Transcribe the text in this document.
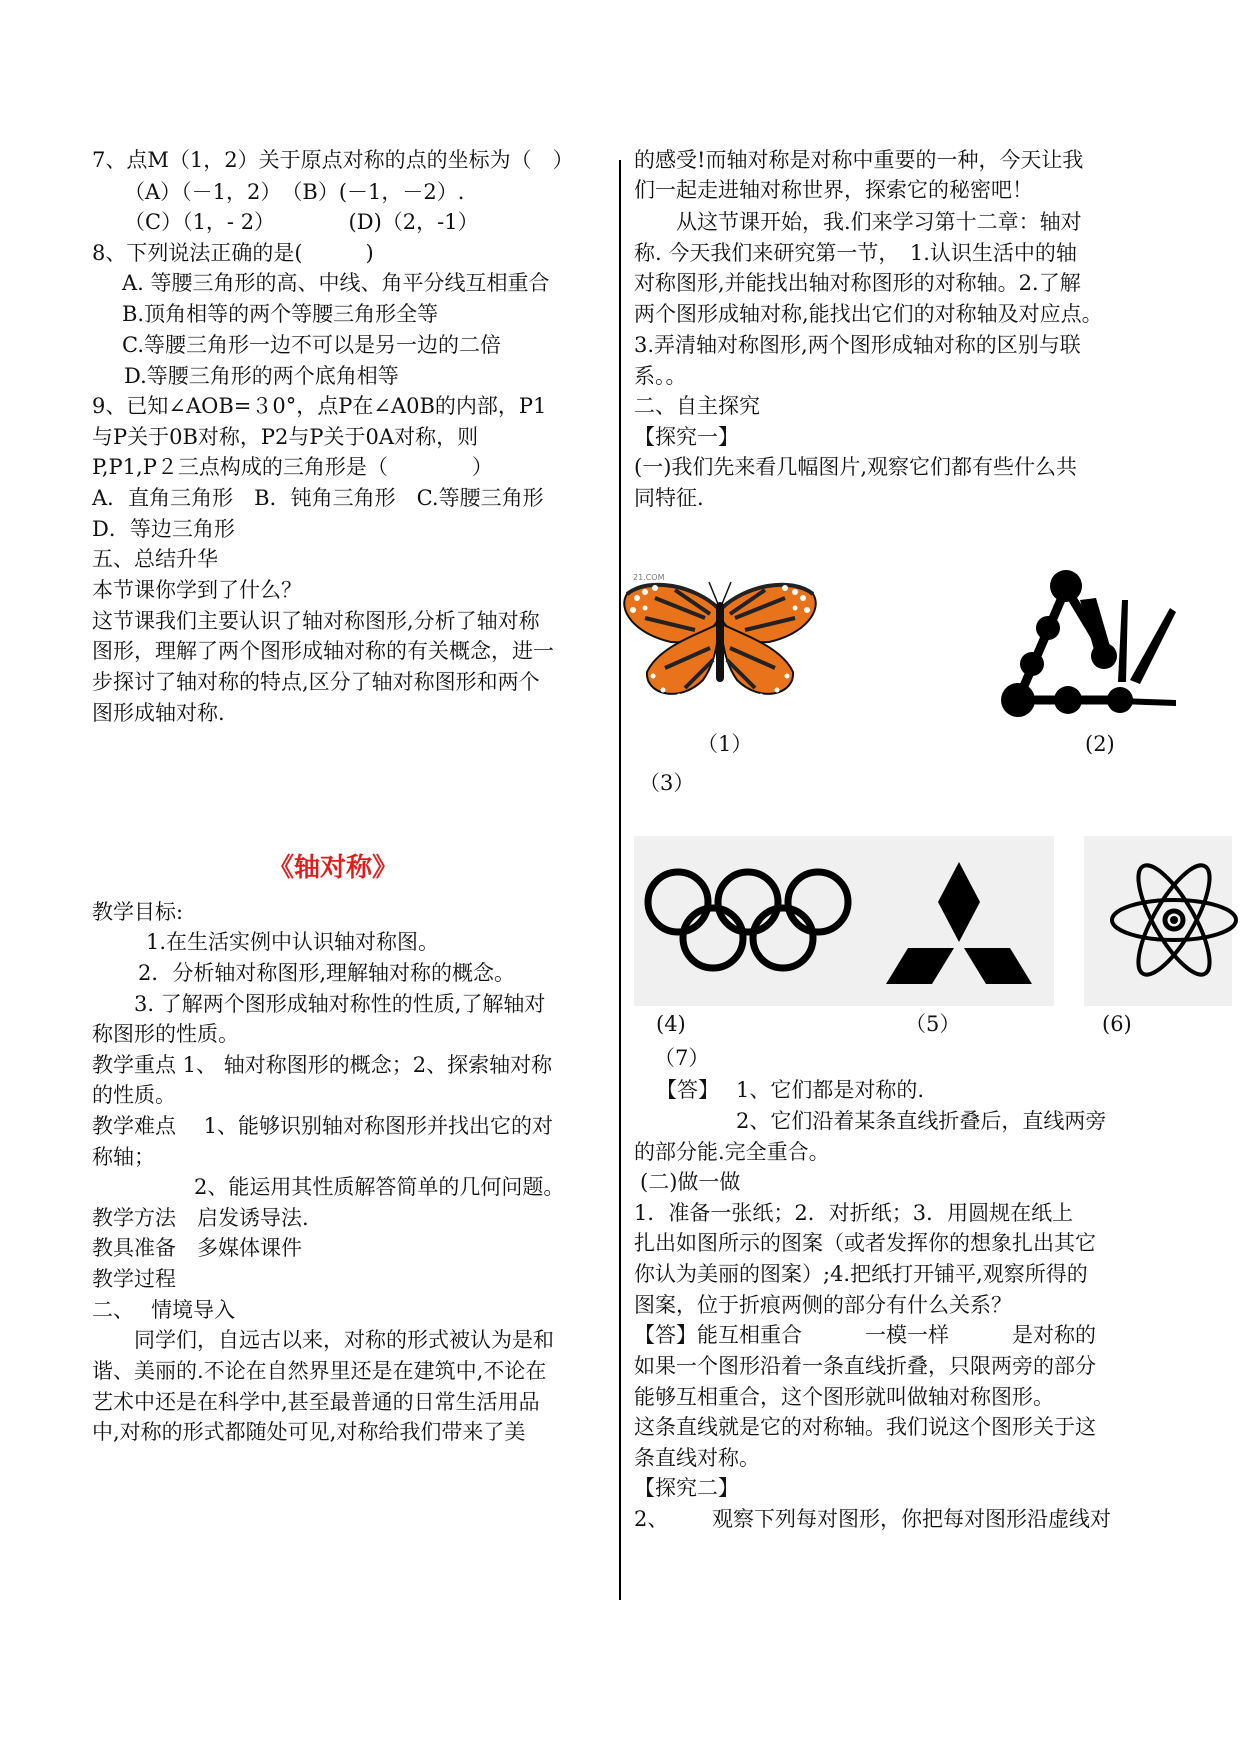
7、点M（1，2）关于原点对称的点的坐标为（　）
（A）（－1，2）　（B）(－1，－2）.
（C）（1，- 2）　　　　(D)（2，-1）
8、下列说法正确的是(　　　)
A. 等腰三角形的高、中线、角平分线互相重合
B.顶角相等的两个等腰三角形全等
C.等腰三角形一边不可以是另一边的二倍
D.等腰三角形的两个底角相等
9、已知∠AOB=３0°，点P在∠A0B的内部，P1
与P关于0B对称，P2与P关于0A对称，则
P,P1,P２三点构成的三角形是（　　　　）
A．直角三角形　B．钝角三角形　C.等腰三角形
D．等边三角形
五、总结升华
本节课你学到了什么？
这节课我们主要认识了轴对称图形,分析了轴对称
图形，理解了两个图形成轴对称的有关概念，进一
步探讨了轴对称的特点,区分了轴对称图形和两个
图形成轴对称.
《轴对称》
教学目标:
1.在生活实例中认识轴对称图。
2．分析轴对称图形,理解轴对称的概念。
3. 了解两个图形成轴对称性的性质,了解轴对
称图形的性质。
教学重点 1、 轴对称图形的概念；2、探索轴对称
的性质。
教学难点　 1、能够识别轴对称图形并找出它的对
称轴；
2、能运用其性质解答简单的几何问题。
教学方法　启发诱导法.
教具准备　多媒体课件
教学过程
二、　 情境导入
同学们，自远古以来，对称的形式被认为是和
谐、美丽的.不论在自然界里还是在建筑中,不论在
艺术中还是在科学中,甚至最普通的日常生活用品
中,对称的形式都随处可见,对称给我们带来了美
的感受!而轴对称是对称中重要的一种，今天让我
们一起走进轴对称世界，探索它的秘密吧！
从这节课开始，我.们来学习第十二章：轴对
称. 今天我们来研究第一节，　1.认识生活中的轴
对称图形,并能找出轴对称图形的对称轴。2.了解
两个图形成轴对称,能找出它们的对称轴及对应点。
3.弄清轴对称图形,两个图形成轴对称的区别与联
系。。
二、自主探究
【探究一】
(一)我们先来看几幅图片,观察它们都有些什么共
同特征.
21.COM
（1）	(2)
（3）
(4)	（5）	(6)
（7）
【答】 1、它们都是对称的.
2、它们沿着某条直线折叠后，直线两旁
的部分能.完全重合。
(二)做一做
1．准备一张纸；2．对折纸；3．用圆规在纸上
扎出如图所示的图案（或者发挥你的想象扎出其它
你认为美丽的图案）;4.把纸打开铺平,观察所得的
图案，位于折痕两侧的部分有什么关系？
【答】能互相重合　　　一模一样　　　是对称的
如果一个图形沿着一条直线折叠，只限两旁的部分
能够互相重合，这个图形就叫做轴对称图形。
这条直线就是它的对称轴。我们说这个图形关于这
条直线对称。
【探究二】
2、 观察下列每对图形，你把每对图形沿虚线对
